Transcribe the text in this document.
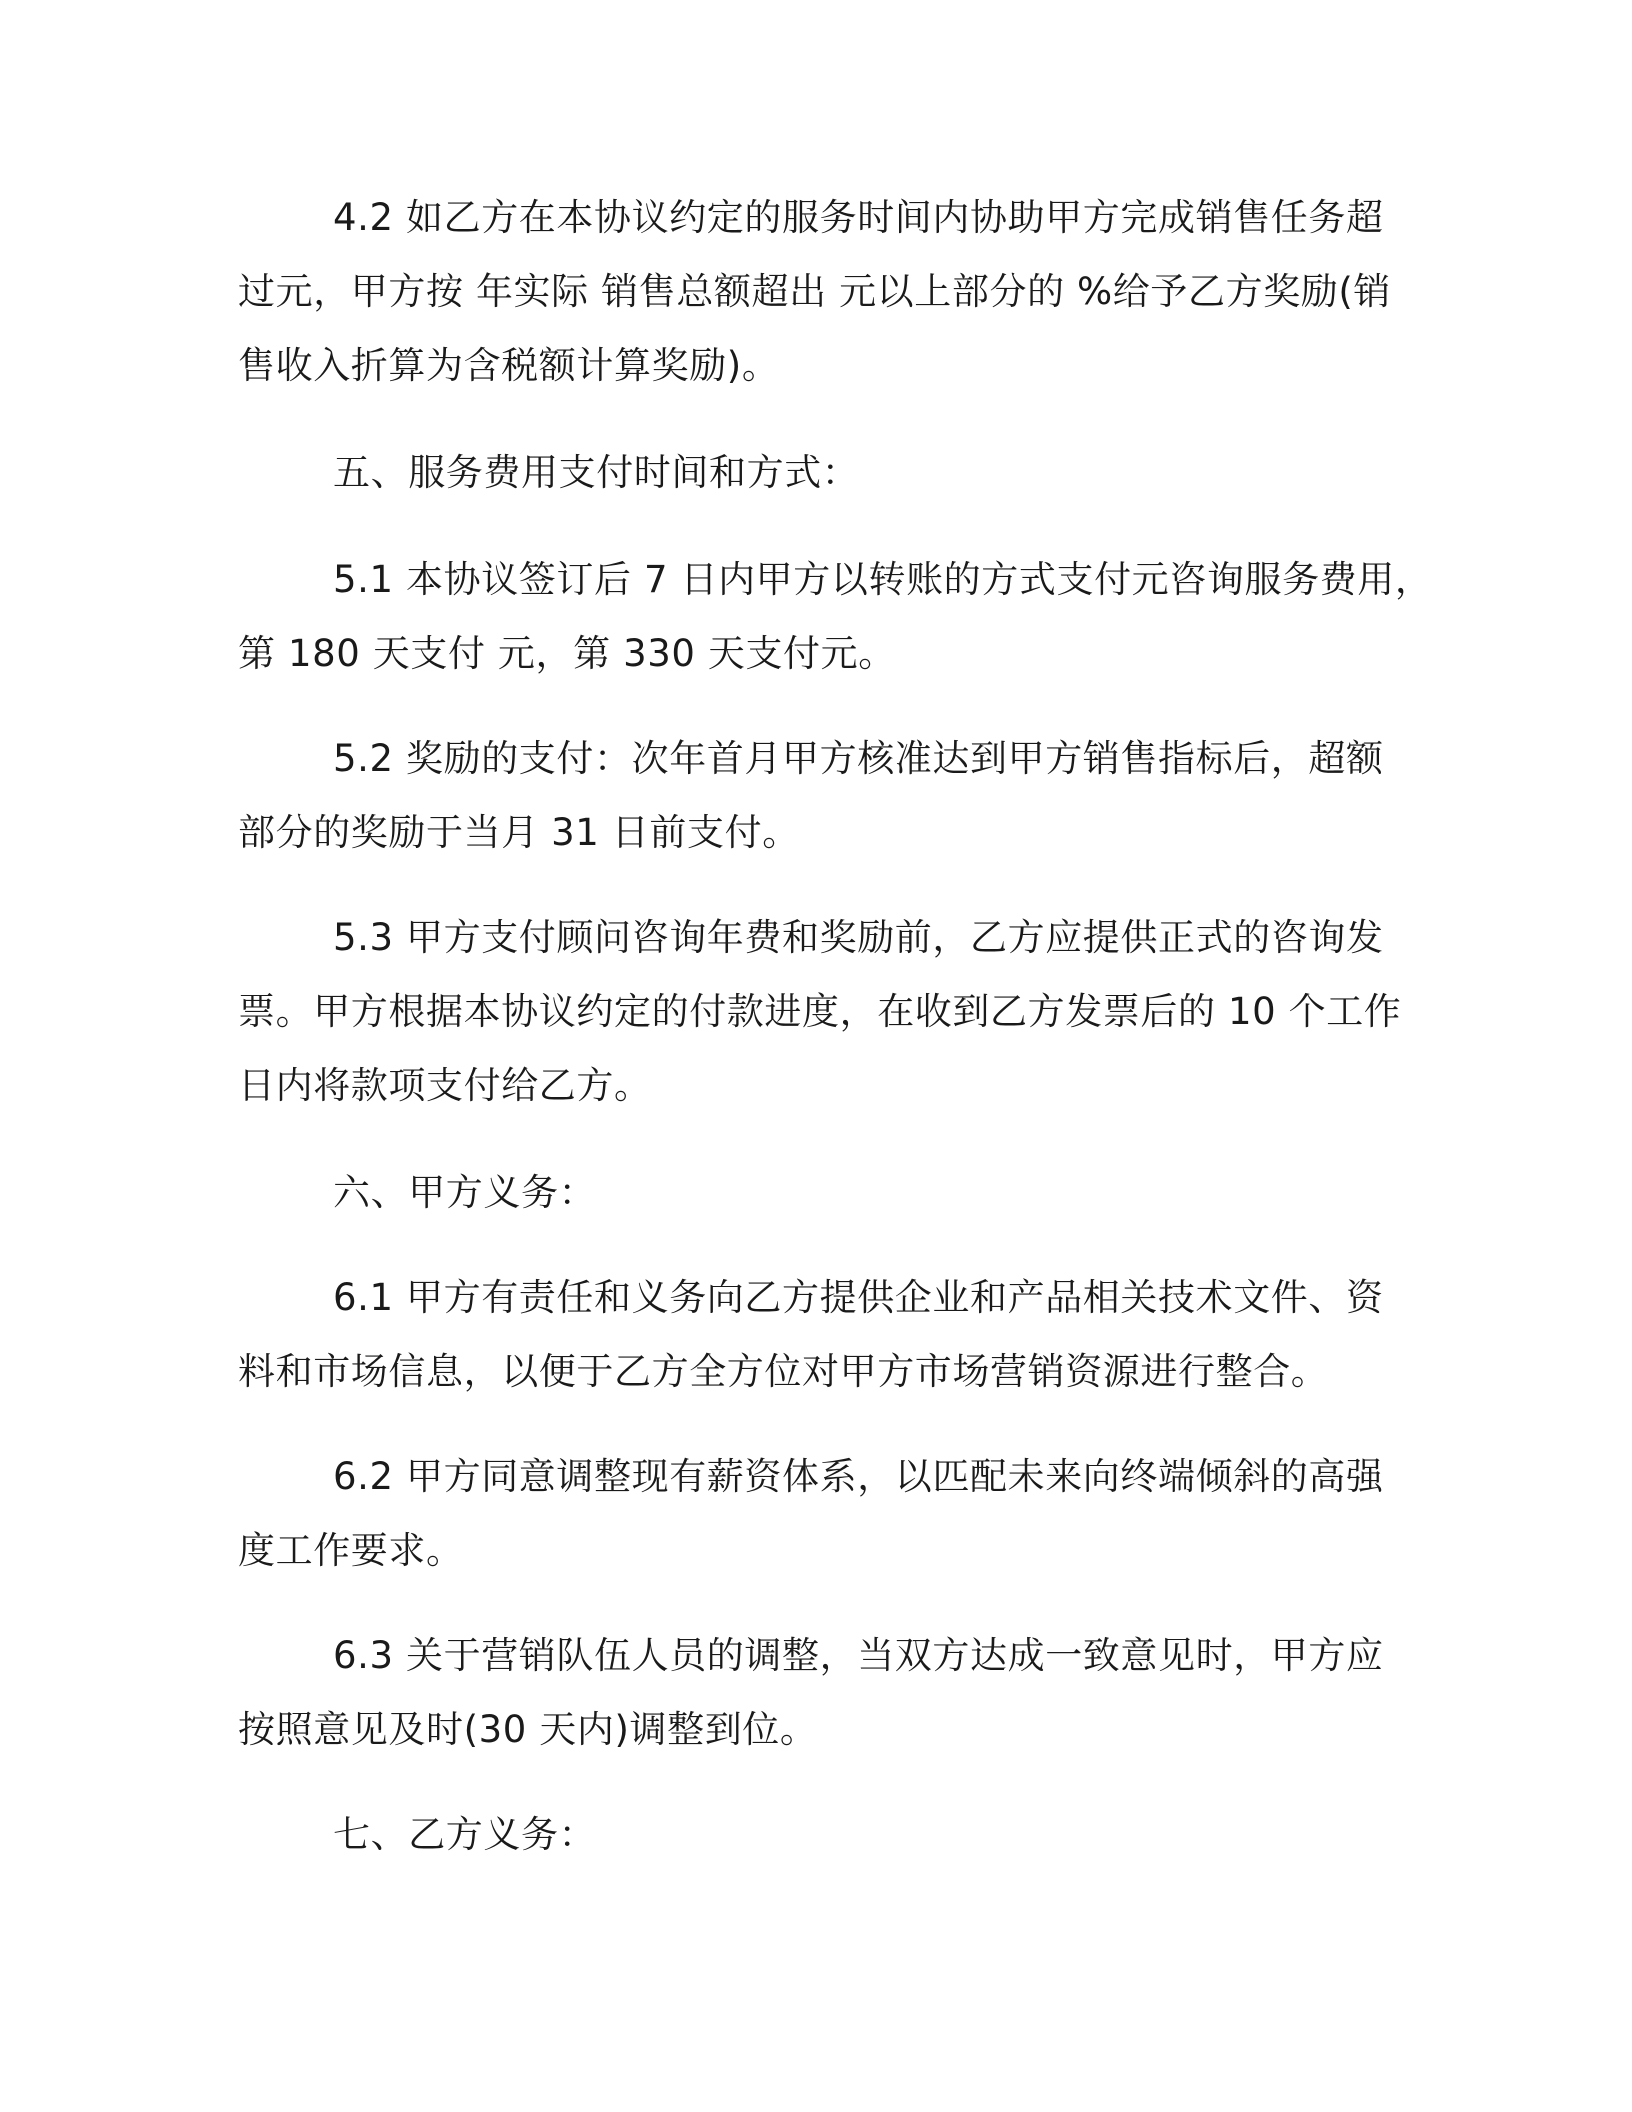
4.2 如乙方在本协议约定的服务时间内协助甲方完成销售任务超
过元，甲方按 年实际 销售总额超出 元以上部分的 %给予乙方奖励(销
售收入折算为含税额计算奖励)。
五、服务费用支付时间和方式：
5.1 本协议签订后 7 日内甲方以转账的方式支付元咨询服务费用，
第 180 天支付 元，第 330 天支付元。
5.2 奖励的支付：次年首月甲方核准达到甲方销售指标后，超额
部分的奖励于当月 31 日前支付。
5.3 甲方支付顾问咨询年费和奖励前，乙方应提供正式的咨询发
票。甲方根据本协议约定的付款进度，在收到乙方发票后的 10 个工作
日内将款项支付给乙方。
六、甲方义务：
6.1 甲方有责任和义务向乙方提供企业和产品相关技术文件、资
料和市场信息，以便于乙方全方位对甲方市场营销资源进行整合。
6.2 甲方同意调整现有薪资体系，以匹配未来向终端倾斜的高强
度工作要求。
6.3 关于营销队伍人员的调整，当双方达成一致意见时，甲方应
按照意见及时(30 天内)调整到位。
七、乙方义务：
